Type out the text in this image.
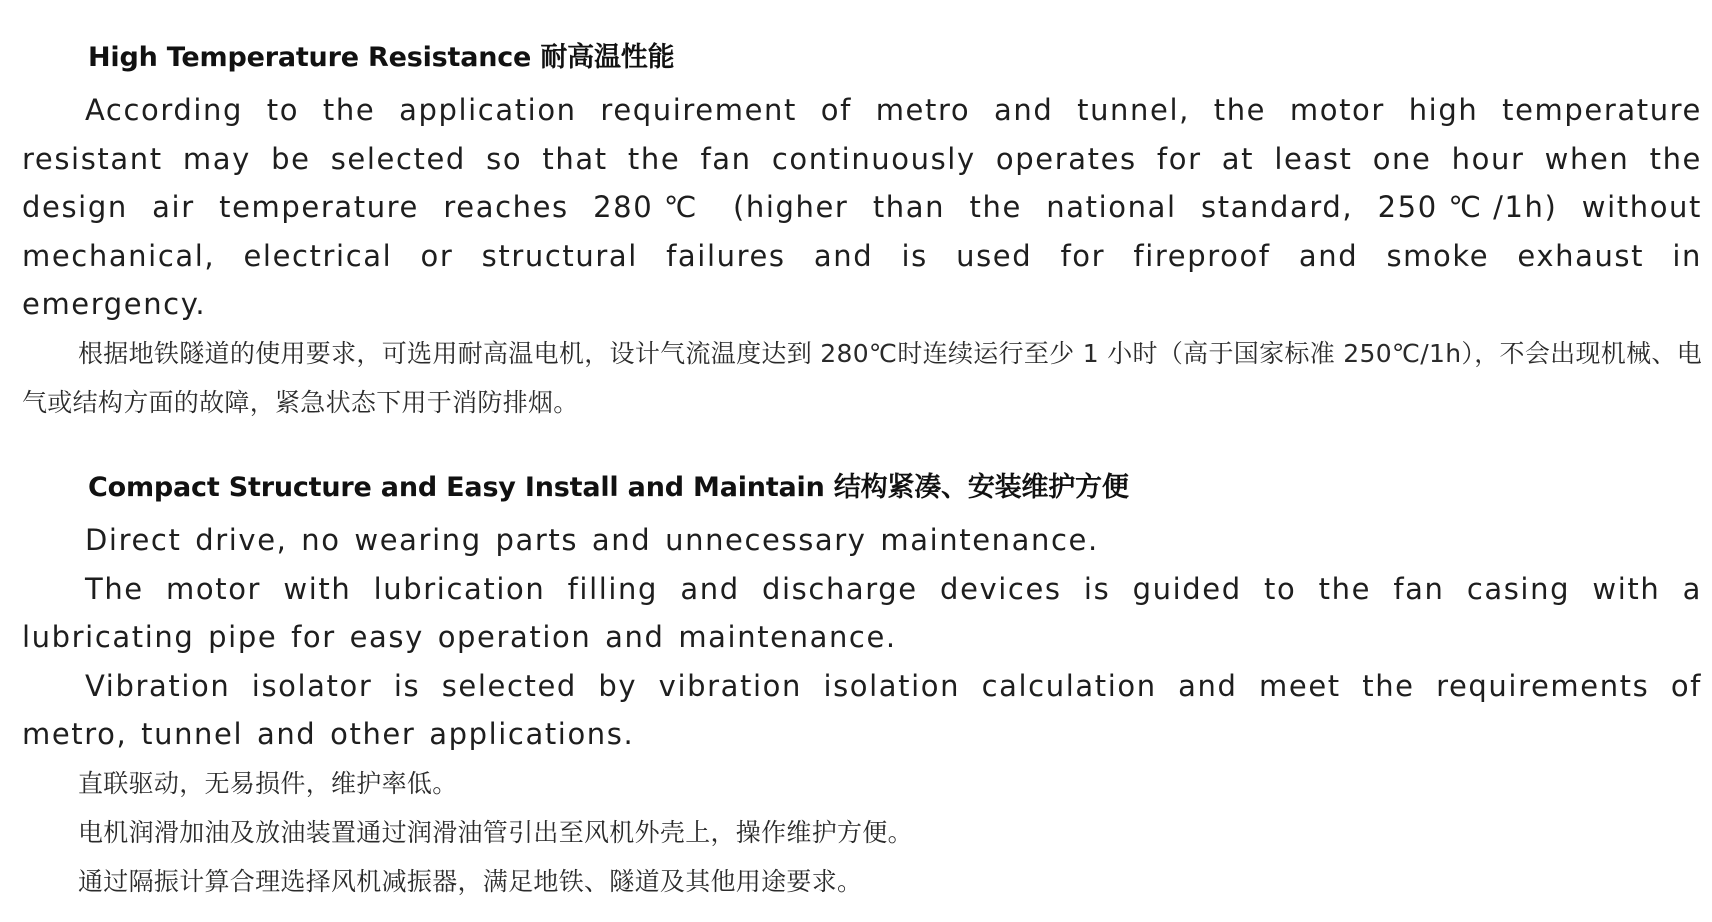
High Temperature Resistance 耐高温性能

According to the application requirement of metro and tunnel, the motor high temperature resistant may be selected so that the fan continuously operates for at least one hour when the design air temperature reaches 280℃ (higher than the national standard, 250℃/1h) without mechanical, electrical or structural failures and is used for fireproof and smoke exhaust in emergency.

根据地铁隧道的使用要求，可选用耐高温电机，设计气流温度达到 280℃时连续运行至少 1 小时（高于国家标准 250℃/1h），不会出现机械、电气或结构方面的故障，紧急状态下用于消防排烟。

Compact Structure and Easy Install and Maintain 结构紧凑、安装维护方便

Direct drive, no wearing parts and unnecessary maintenance.

The motor with lubrication filling and discharge devices is guided to the fan casing with a lubricating pipe for easy operation and maintenance.

Vibration isolator is selected by vibration isolation calculation and meet the requirements of metro, tunnel and other applications.

直联驱动，无易损件，维护率低。
电机润滑加油及放油装置通过润滑油管引出至风机外壳上，操作维护方便。
通过隔振计算合理选择风机减振器，满足地铁、隧道及其他用途要求。
